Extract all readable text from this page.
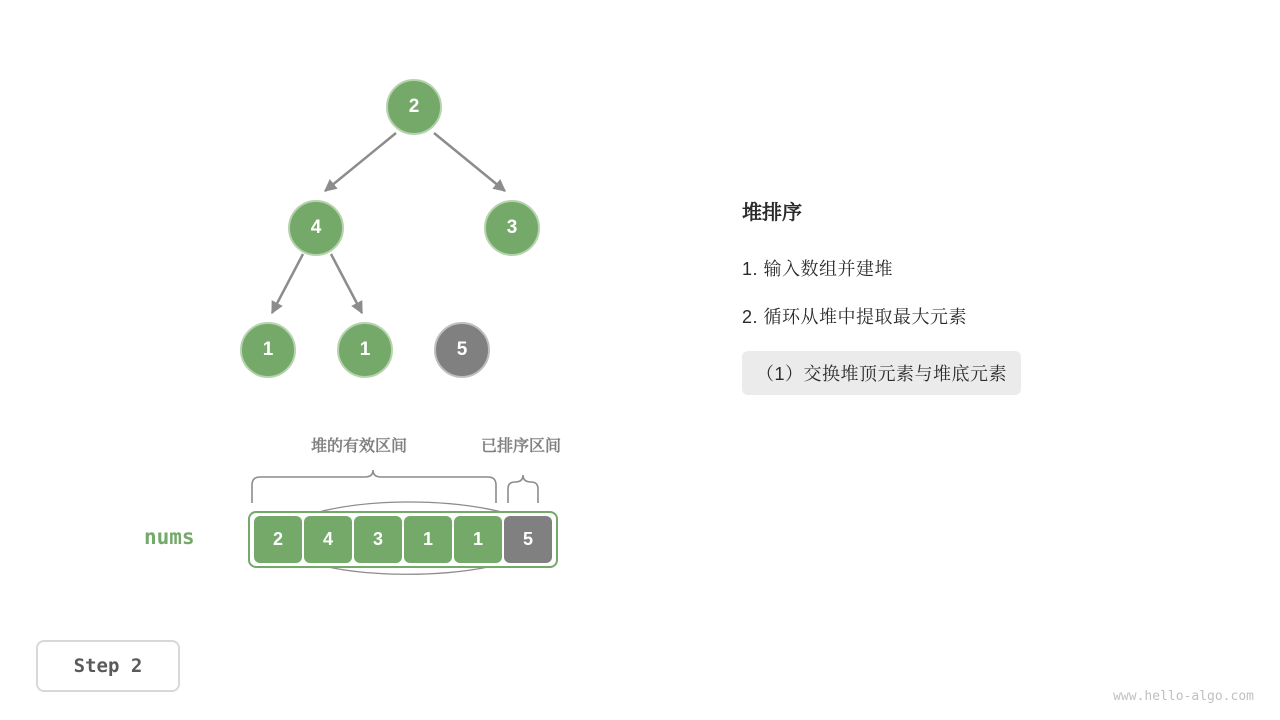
2
4	3
1	1	5
堆的有效区间	已排序区间
nums	2 4 3 1 1 5
堆排序
1. 输入数组并建堆
2. 循环从堆中提取最大元素
（1）交换堆顶元素与堆底元素
Step 2
www.hello-algo.com
